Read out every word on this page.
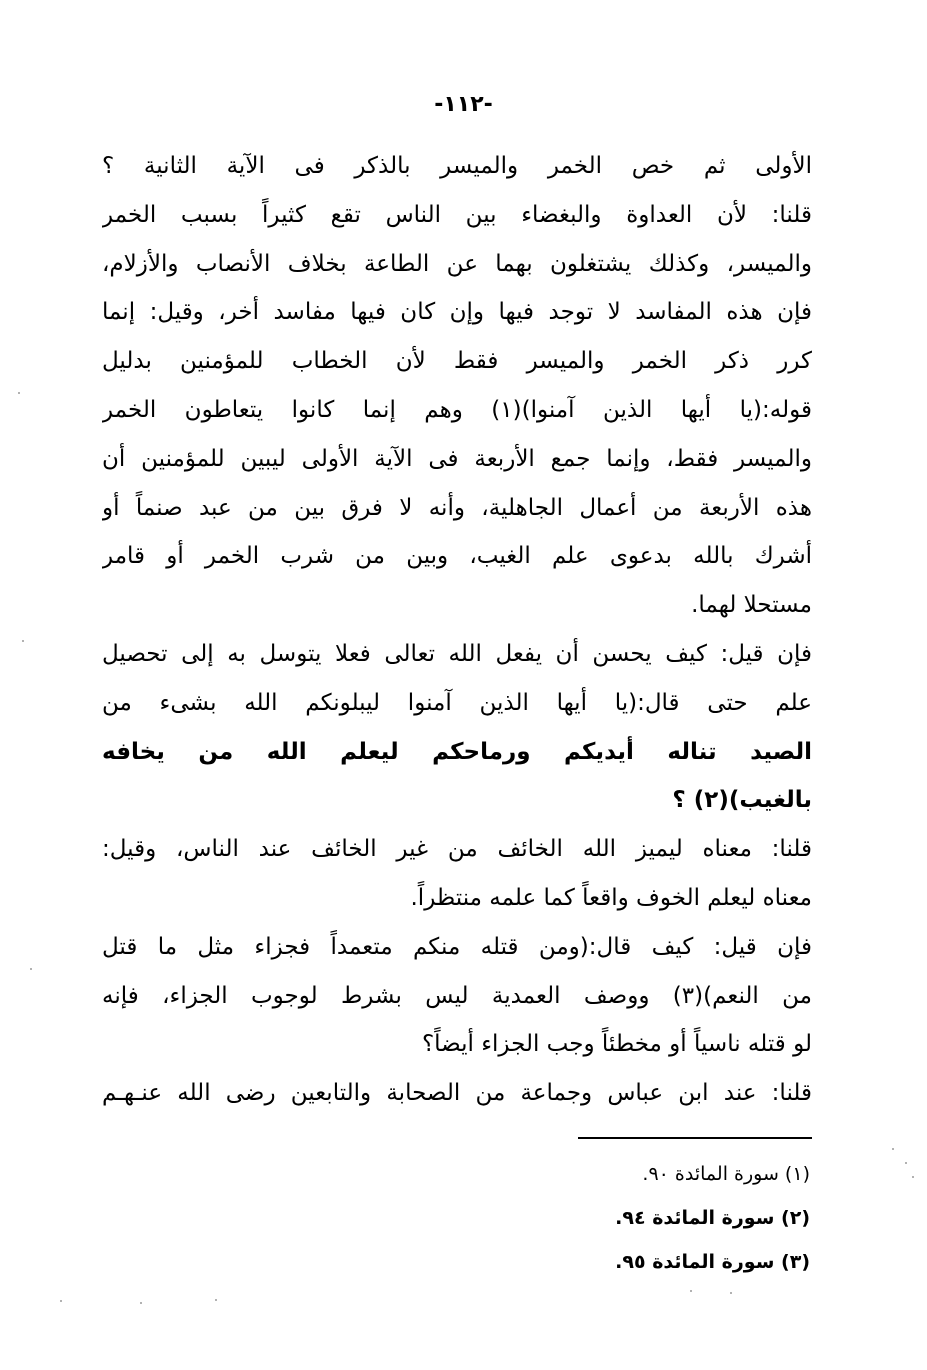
-١١٢-
الأولى ثم خص الخمر والميسر بالذكر فى الآية الثانية ؟
قلنا: لأن العداوة والبغضاء بين الناس تقع كثيراً بسبب الخمر
والميسر، وكذلك يشتغلون بهما عن الطاعة بخلاف الأنصاب والأزلام،
فإن هذه المفاسد لا توجد فيها وإن كان فيها مفاسد أخر، وقيل: إنما
كرر ذكر الخمر والميسر فقط لأن الخطاب للمؤمنين بدليل
قوله:(يا أيها الذين آمنوا)(١) وهم إنما كانوا يتعاطون الخمر
والميسر فقط، وإنما جمع الأربعة فى الآية الأولى ليبين للمؤمنين أن
هذه الأربعة من أعمال الجاهلية، وأنه لا فرق بين من عبد صنماً أو
أشرك بالله بدعوى علم الغيب، وبين من شرب الخمر أو قامر
مستحلا لهما.
فإن قيل: كيف يحسن أن يفعل الله تعالى فعلا يتوسل به إلى تحصيل
علم حتى قال:(يا أيها الذين آمنوا ليبلونكم الله بشىء من
الصيد تناله أيديكم ورماحكم ليعلم الله من يخافه
بالغيب)(٢) ؟
قلنا: معناه ليميز الله الخائف من غير الخائف عند الناس، وقيل:
معناه ليعلم الخوف واقعاً كما علمه منتظراً.
فإن قيل: كيف قال:(ومن قتله منكم متعمداً فجزاء مثل ما قتل
من النعم)(٣) ووصف العمدية ليس بشرط لوجوب الجزاء، فإنه
لو قتله ناسياً أو مخطئاً وجب الجزاء أيضاً؟
قلنا: عند ابن عباس وجماعة من الصحابة والتابعين رضى الله عنـهـم
(١) سورة المائدة ٩٠.
(٢) سورة المائدة ٩٤.
(٣) سورة المائدة ٩٥.
